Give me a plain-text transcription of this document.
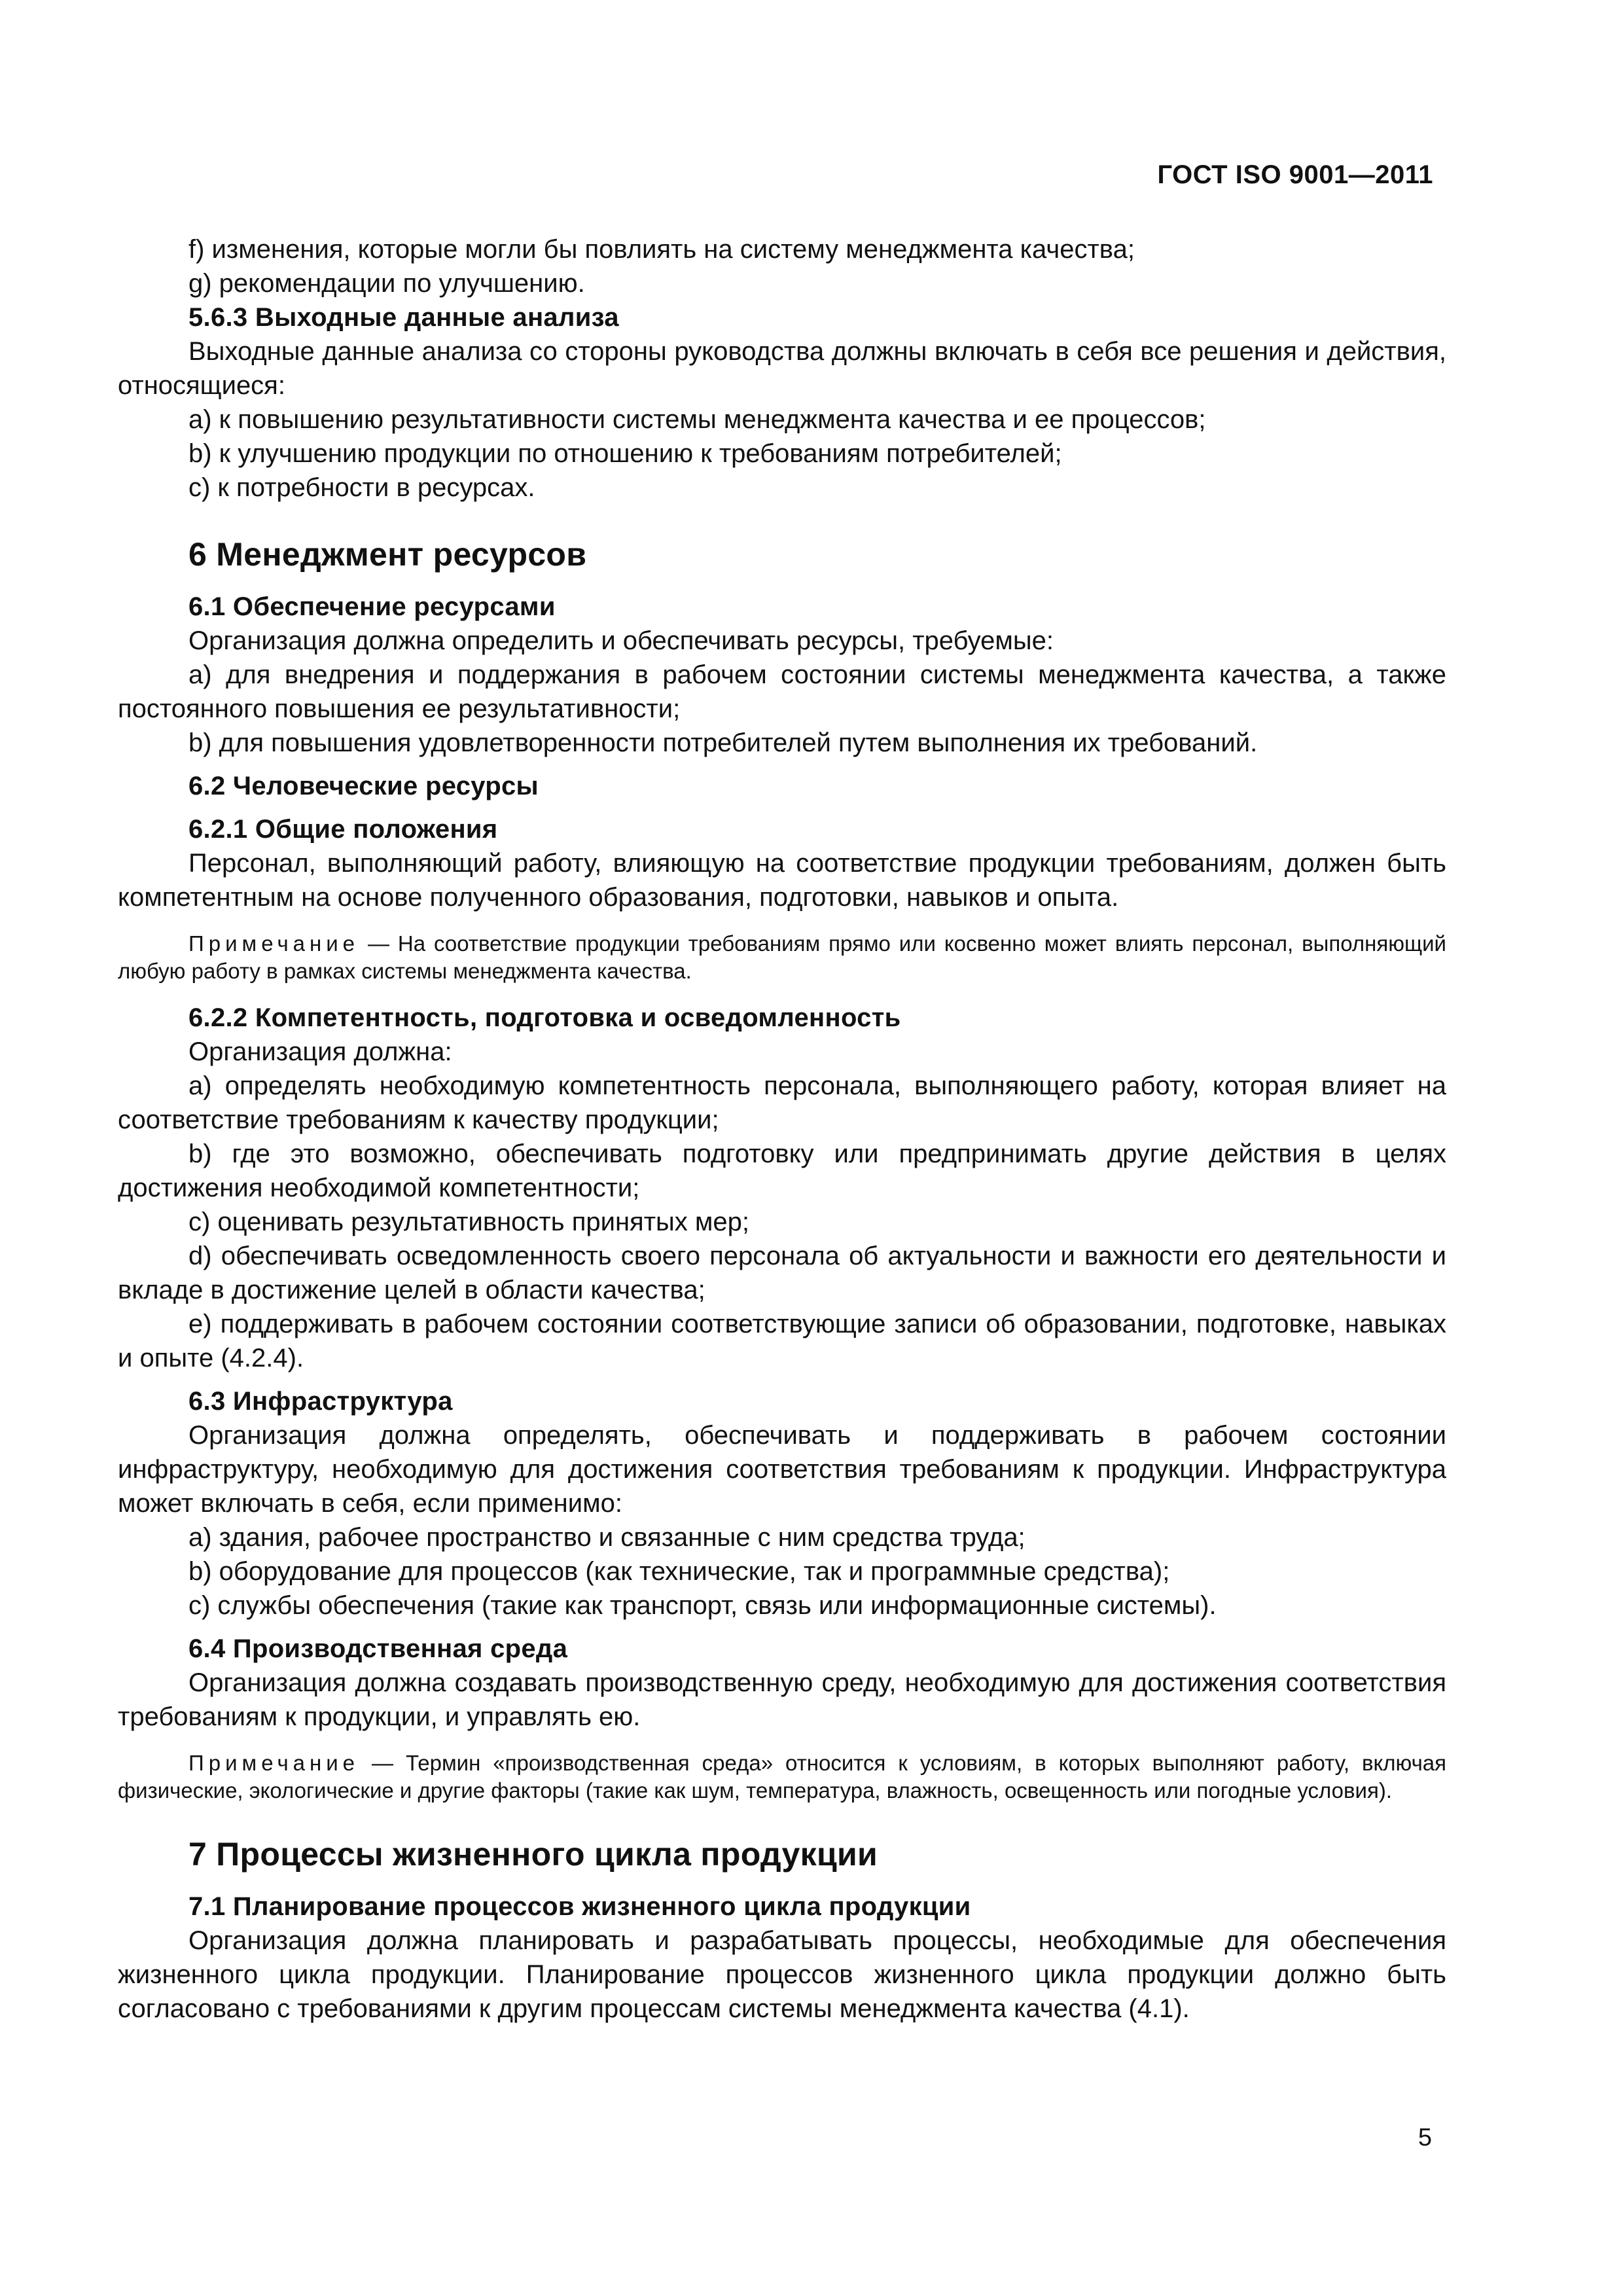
ГОСТ ISO 9001—2011

f) изменения, которые могли бы повлиять на систему менеджмента качества;

g) рекомендации по улучшению.

5.6.3 Выходные данные анализа

Выходные данные анализа со стороны руководства должны включать в себя все решения и действия, относящиеся:

a) к повышению результативности системы менеджмента качества и ее процессов;

b) к улучшению продукции по отношению к требованиям потребителей;

c) к потребности в ресурсах.

6 Менеджмент ресурсов
6.1 Обеспечение ресурсами

Организация должна определить и обеспечивать ресурсы, требуемые:

a) для внедрения и поддержания в рабочем состоянии системы менеджмента качества, а также постоянного повышения ее результативности;

b) для повышения удовлетворенности потребителей путем выполнения их требований.

6.2 Человеческие ресурсы
6.2.1 Общие положения

Персонал, выполняющий работу, влияющую на соответствие продукции требованиям, должен быть компетентным на основе полученного образования, подготовки, навыков и опыта.

Примечание — На соответствие продукции требованиям прямо или косвенно может влиять персонал, выполняющий любую работу в рамках системы менеджмента качества.

6.2.2 Компетентность, подготовка и осведомленность

Организация должна:

a) определять необходимую компетентность персонала, выполняющего работу, которая влияет на соответствие требованиям к качеству продукции;

b) где это возможно, обеспечивать подготовку или предпринимать другие действия в целях достижения необходимой компетентности;

c) оценивать результативность принятых мер;

d) обеспечивать осведомленность своего персонала об актуальности и важности его деятельности и вкладе в достижение целей в области качества;

e) поддерживать в рабочем состоянии соответствующие записи об образовании, подготовке, навыках и опыте (4.2.4).

6.3 Инфраструктура

Организация должна определять, обеспечивать и поддерживать в рабочем состоянии инфраструктуру, необходимую для достижения соответствия требованиям к продукции. Инфраструктура может включать в себя, если применимо:

a) здания, рабочее пространство и связанные с ним средства труда;

b) оборудование для процессов (как технические, так и программные средства);

c) службы обеспечения (такие как транспорт, связь или информационные системы).

6.4 Производственная среда

Организация должна создавать производственную среду, необходимую для достижения соответствия требованиям к продукции, и управлять ею.

Примечание — Термин «производственная среда» относится к условиям, в которых выполняют работу, включая физические, экологические и другие факторы (такие как шум, температура, влажность, освещенность или погодные условия).

7 Процессы жизненного цикла продукции
7.1 Планирование процессов жизненного цикла продукции

Организация должна планировать и разрабатывать процессы, необходимые для обеспечения жизненного цикла продукции. Планирование процессов жизненного цикла продукции должно быть согласовано с требованиями к другим процессам системы менеджмента качества (4.1).

5
